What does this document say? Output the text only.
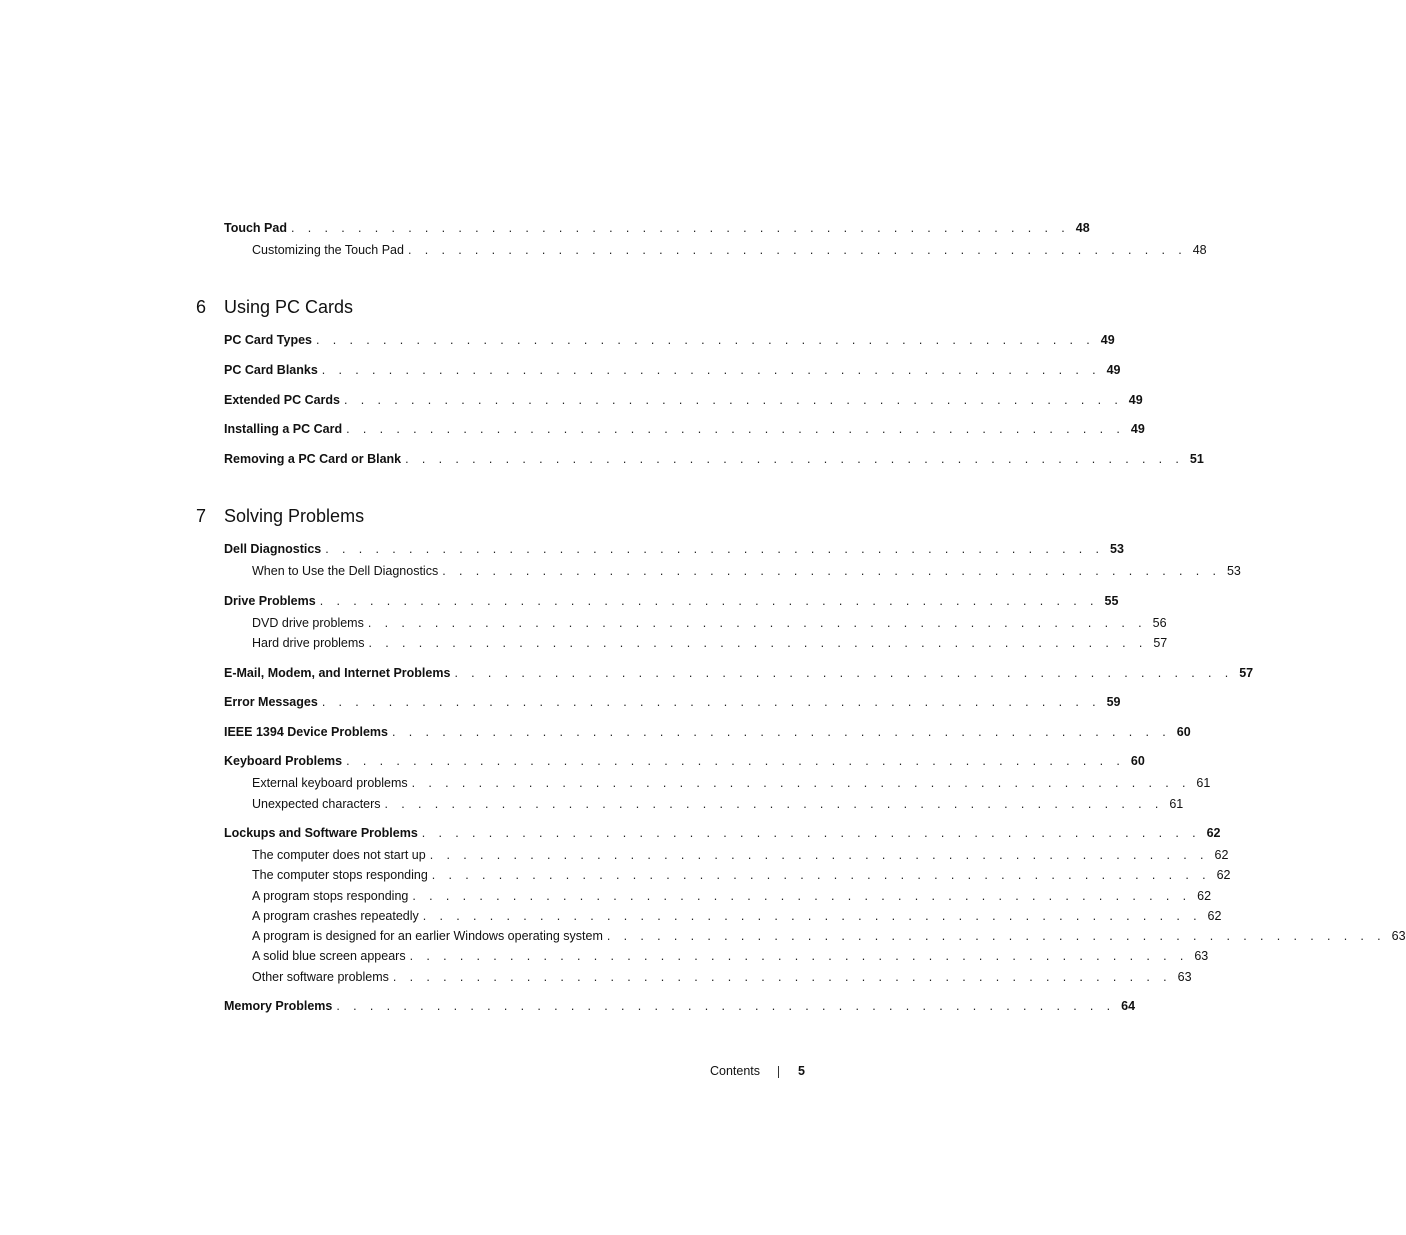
Touch Pad . . . . . . . . . . . . . . . . . . . . . . . . . . . . . . . . . . . . . . . . . . . . . . . 48
Customizing the Touch Pad . . . . . . . . . . . . . . . . . . . . . . . . . . . . . . . . . . . . . . . . . . . . . . . 48
6 Using PC Cards
PC Card Types . . . . . . . . . . . . . . . . . . . . . . . . . . . . . . . . . . . . . . . . . . . . . . . 49
PC Card Blanks . . . . . . . . . . . . . . . . . . . . . . . . . . . . . . . . . . . . . . . . . . . . . . . 49
Extended PC Cards . . . . . . . . . . . . . . . . . . . . . . . . . . . . . . . . . . . . . . . . . . . . . . . 49
Installing a PC Card . . . . . . . . . . . . . . . . . . . . . . . . . . . . . . . . . . . . . . . . . . . . . . . 49
Removing a PC Card or Blank . . . . . . . . . . . . . . . . . . . . . . . . . . . . . . . . . . . . . . . . . . . . . . . 51
7 Solving Problems
Dell Diagnostics . . . . . . . . . . . . . . . . . . . . . . . . . . . . . . . . . . . . . . . . . . . . . . . 53
When to Use the Dell Diagnostics . . . . . . . . . . . . . . . . . . . . . . . . . . . . . . . . . . . . . . . . . . . . . . . 53
Drive Problems . . . . . . . . . . . . . . . . . . . . . . . . . . . . . . . . . . . . . . . . . . . . . . . 55
DVD drive problems . . . . . . . . . . . . . . . . . . . . . . . . . . . . . . . . . . . . . . . . . . . . . . . 56
Hard drive problems . . . . . . . . . . . . . . . . . . . . . . . . . . . . . . . . . . . . . . . . . . . . . . . 57
E-Mail, Modem, and Internet Problems . . . . . . . . . . . . . . . . . . . . . . . . . . . . . . . . . . . . . . . . . . . . . . . 57
Error Messages . . . . . . . . . . . . . . . . . . . . . . . . . . . . . . . . . . . . . . . . . . . . . . . 59
IEEE 1394 Device Problems . . . . . . . . . . . . . . . . . . . . . . . . . . . . . . . . . . . . . . . . . . . . . . . 60
Keyboard Problems . . . . . . . . . . . . . . . . . . . . . . . . . . . . . . . . . . . . . . . . . . . . . . . 60
External keyboard problems . . . . . . . . . . . . . . . . . . . . . . . . . . . . . . . . . . . . . . . . . . . . . . . 61
Unexpected characters . . . . . . . . . . . . . . . . . . . . . . . . . . . . . . . . . . . . . . . . . . . . . . . 61
Lockups and Software Problems . . . . . . . . . . . . . . . . . . . . . . . . . . . . . . . . . . . . . . . . . . . . . . . 62
The computer does not start up . . . . . . . . . . . . . . . . . . . . . . . . . . . . . . . . . . . . . . . . . . . . . . . 62
The computer stops responding . . . . . . . . . . . . . . . . . . . . . . . . . . . . . . . . . . . . . . . . . . . . . . . 62
A program stops responding . . . . . . . . . . . . . . . . . . . . . . . . . . . . . . . . . . . . . . . . . . . . . . . 62
A program crashes repeatedly . . . . . . . . . . . . . . . . . . . . . . . . . . . . . . . . . . . . . . . . . . . . . . . 62
A program is designed for an earlier Windows operating system . . . . . . . . . . . . . . . . . . . . . . . . . . . . . . . . . . . . . . . . . . . . . . . 63
A solid blue screen appears . . . . . . . . . . . . . . . . . . . . . . . . . . . . . . . . . . . . . . . . . . . . . . . 63
Other software problems . . . . . . . . . . . . . . . . . . . . . . . . . . . . . . . . . . . . . . . . . . . . . . . 63
Memory Problems . . . . . . . . . . . . . . . . . . . . . . . . . . . . . . . . . . . . . . . . . . . . . . . 64
Contents	5
